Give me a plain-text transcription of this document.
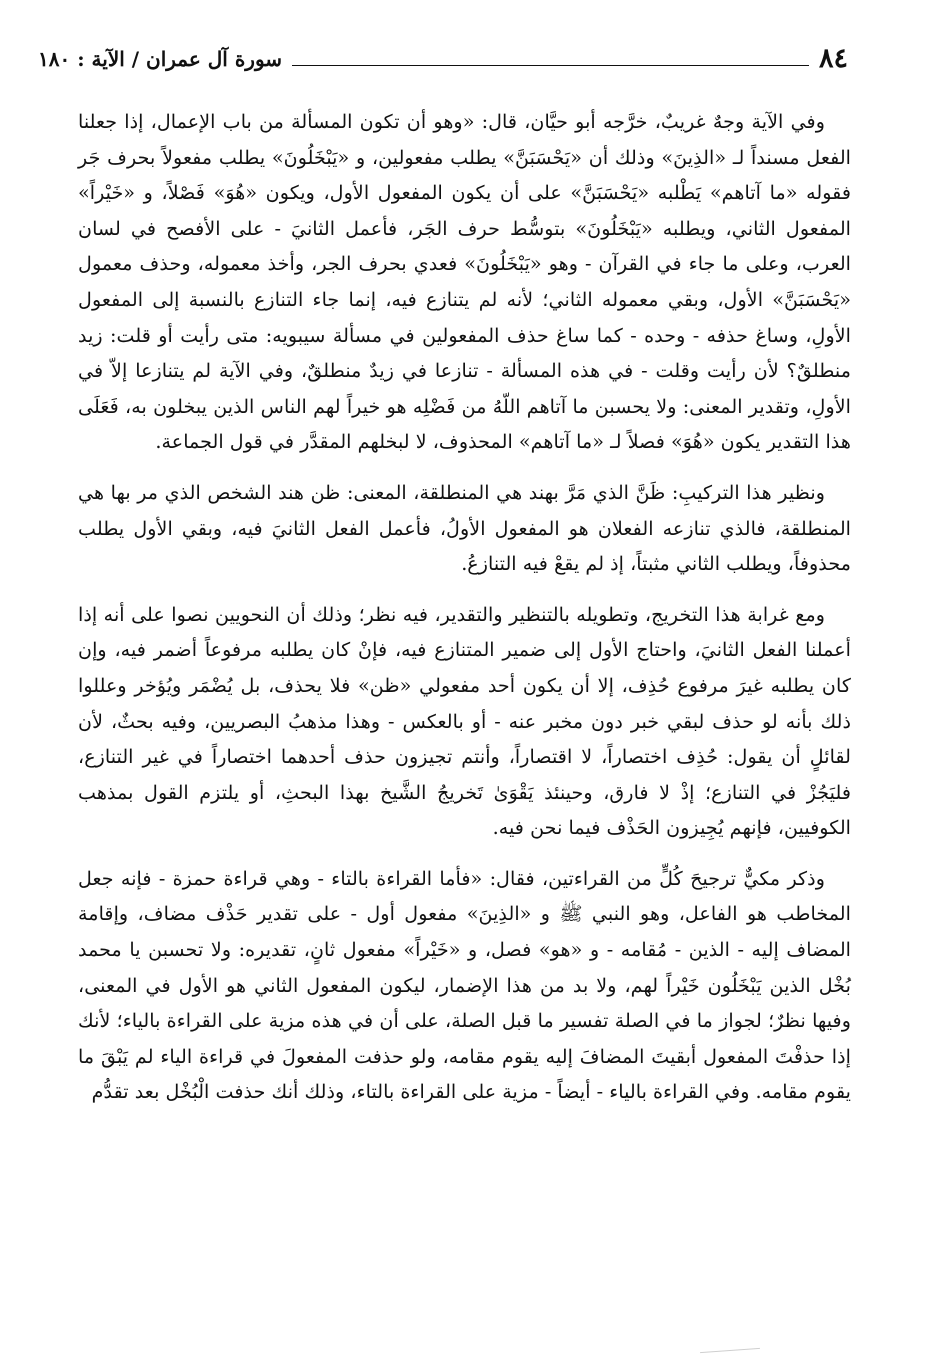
٨٤
سورة آل عمران / الآية : ١٨٠

وفي الآية وجهٌ غريبٌ، خرَّجه أبو حيَّان، قال: «وهو أن تكون المسألة من باب الإعمال، إذا جعلنا الفعل مسنداً لـ «الذِينَ» وذلك أن «يَحْسَبَنَّ» يطلب مفعولين، و «يَبْخَلُونَ» يطلب مفعولاً بحرف جَر فقوله «ما آتاهم» يَطْلبه «يَحْسَبَنَّ» على أن يكون المفعول الأول، ويكون «هُوَ» فَصْلاً، و «خَيْراً» المفعول الثاني، ويطلبه «يَبْخَلُونَ» بتوسُّط حرف الجَر، فأعمل الثانيَ - على الأفصح في لسان العرب، وعلى ما جاء في القرآن - وهو «يَبْخَلُونَ» فعدي بحرف الجر، وأخذ معموله، وحذف معمول «يَحْسَبَنَّ» الأول، وبقي معموله الثاني؛ لأنه لم يتنازع فيه، إنما جاء التنازع بالنسبة إلى المفعول الأولِ، وساغ حذفه - وحده - كما ساغ حذف المفعولين في مسألة سيبويه: متى رأيت أو قلت: زيد منطلقٌ؟ لأن رأيت وقلت - في هذه المسألة - تنازعا في زيدٌ منطلقٌ، وفي الآية لم يتنازعا إلاّ في الأولِ، وتقدير المعنى: ولا يحسبن ما آتاهم اللّهُ من فَضْلِه هو خيراً لهم الناس الذين يبخلون به، فَعَلَى هذا التقدير يكون «هُوَ» فصلاً لـ «ما آتاهم» المحذوف، لا لبخلهم المقدَّر في قول الجماعة.

ونظير هذا التركيبِ: ظَنَّ الذي مَرَّ بهند هي المنطلقة، المعنى: ظن هند الشخص الذي مر بها هي المنطلقة، فالذي تنازعه الفعلان هو المفعول الأولُ، فأعمل الفعل الثانيَ فيه، وبقي الأول يطلب محذوفاً، ويطلب الثاني مثبتاً، إذ لم يقعْ فيه التنازعُ.

ومع غرابة هذا التخريج، وتطويله بالتنظير والتقدير، فيه نظر؛ وذلك أن النحويين نصوا على أنه إذا أعملنا الفعل الثانيَ، واحتاج الأول إلى ضمير المتنازع فيه، فإنْ كان يطلبه مرفوعاً أضمر فيه، وإن كان يطلبه غيرَ مرفوع حُذِف، إلا أن يكون أحد مفعولي «ظن» فلا يحذف، بل يُضْمَر ويُؤخر وعللوا ذلك بأنه لو حذف لبقي خبر دون مخبر عنه - أو بالعكس - وهذا مذهبُ البصريين، وفيه بحثٌ، لأن لقائلٍ أن يقول: حُذِف اختصاراً، لا اقتصاراً، وأنتم تجيزون حذف أحدهما اختصاراً في غير التنازع، فليَجُزْ في التنازع؛ إذْ لا فارق، وحينئذ يَقْوَىٰ تَخريجُ الشَّيخ بهذا البحثِ، أو يلتزم القول بمذهب الكوفيين، فإنهم يُجِيزون الحَذْف فيما نحن فيه.

وذكر مكيٌّ ترجيحَ كُلٍّ من القراءتين، فقال: «فأما القراءة بالتاء - وهي قراءة حمزة - فإنه جعل المخاطب هو الفاعل، وهو النبي ﷺ و «الذِينَ» مفعول أول - على تقدير حَذْف مضاف، وإقامة المضاف إليه - الذين - مُقامه - و «هو» فصل، و «خَيْراً» مفعول ثانٍ، تقديره: ولا تحسبن يا محمد بُخْل الذين يَبْخَلُون خَيْراً لهم، ولا بد من هذا الإضمار، ليكون المفعول الثاني هو الأول في المعنى، وفيها نظرٌ؛ لجواز ما في الصلة تفسير ما قبل الصلة، على أن في هذه مزية على القراءة بالياء؛ لأنك إذا حذفْتَ المفعول أبقيتَ المضافَ إليه يقوم مقامه، ولو حذفت المفعولَ في قراءة الياء لم يَبْقَ ما يقوم مقامه. وفي القراءة بالياء - أيضاً - مزية على القراءة بالتاء، وذلك أنك حذفت الْبُخْل بعد تقدُّم
